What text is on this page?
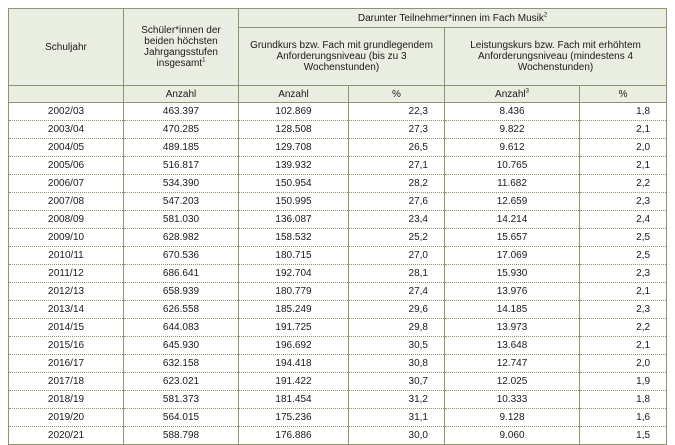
Schuljahr	Schüler*innen der beiden höchsten Jahrgangsstufen insgesamt$^1$	Darunter Teilnehmer*innen im Fach Musik$^2$
		Grundkurs bzw. Fach mit grundlegendem Anforderungsniveau (bis zu 3 Wochenstunden)		Leistungskurs bzw. Fach mit erhöhtem Anforderungsniveau (mindestens 4 Wochenstunden)	
	Anzahl	Anzahl	%	Anzahl$^3$	%
2002/03	463.397	102.869	22,3	8.436	1,8
2003/04	470.285	128.508	27,3	9.822	2,1
2004/05	489.185	129.708	26,5	9.612	2,0
2005/06	516.817	139.932	27,1	10.765	2,1
2006/07	534.390	150.954	28,2	11.682	2,2
2007/08	547.203	150.995	27,6	12.659	2,3
2008/09	581.030	136.087	23,4	14.214	2,4
2009/10	628.982	158.532	25,2	15.657	2,5
2010/11	670.536	180.715	27,0	17.069	2,5
2011/12	686.641	192.704	28,1	15.930	2,3
2012/13	658.939	180.779	27,4	13.976	2,1
2013/14	626.558	185.249	29,6	14.185	2,3
2014/15	644.083	191.725	29,8	13.973	2,2
2015/16	645.930	196.692	30,5	13.648	2,1
2016/17	632.158	194.418	30,8	12.747	2,0
2017/18	623.021	191.422	30,7	12.025	1,9
2018/19	581.373	181.454	31,2	10.333	1,8
2019/20	564.015	175.236	31,1	9.128	1,6
2020/21	588.798	176.886	30,0	9.060	1,5
